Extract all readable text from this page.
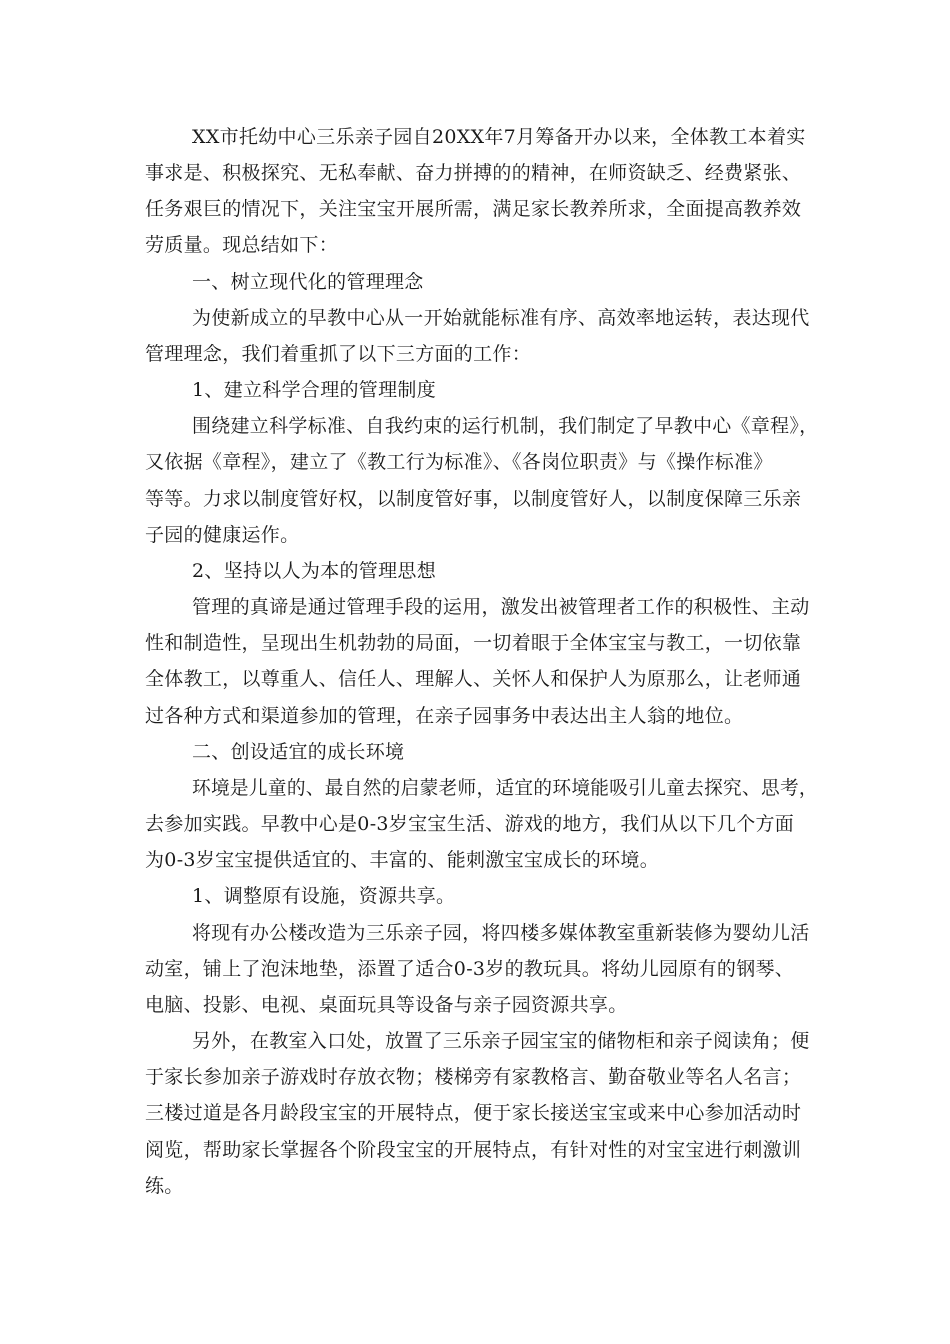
XX市托幼中心三乐亲子园自20XX年7月筹备开办以来，全体教工本着实
事求是、积极探究、无私奉献、奋力拼搏的的精神，在师资缺乏、经费紧张、
任务艰巨的情况下，关注宝宝开展所需，满足家长教养所求，全面提高教养效
劳质量。现总结如下：
一、树立现代化的管理理念
为使新成立的早教中心从一开始就能标准有序、高效率地运转，表达现代
管理理念，我们着重抓了以下三方面的工作：
1、建立科学合理的管理制度
围绕建立科学标准、自我约束的运行机制，我们制定了早教中心《章程》，
又依据《章程》，建立了《教工行为标准》、《各岗位职责》与《操作标准》
等等。力求以制度管好权，以制度管好事，以制度管好人，以制度保障三乐亲
子园的健康运作。
2、坚持以人为本的管理思想
管理的真谛是通过管理手段的运用，激发出被管理者工作的积极性、主动
性和制造性，呈现出生机勃勃的局面，一切着眼于全体宝宝与教工，一切依靠
全体教工，以尊重人、信任人、理解人、关怀人和保护人为原那么，让老师通
过各种方式和渠道参加的管理，在亲子园事务中表达出主人翁的地位。
二、创设适宜的成长环境
环境是儿童的、最自然的启蒙老师，适宜的环境能吸引儿童去探究、思考，
去参加实践。早教中心是0-3岁宝宝生活、游戏的地方，我们从以下几个方面
为0-3岁宝宝提供适宜的、丰富的、能刺激宝宝成长的环境。
1、调整原有设施，资源共享。
将现有办公楼改造为三乐亲子园，将四楼多媒体教室重新装修为婴幼儿活
动室，铺上了泡沫地垫，添置了适合0-3岁的教玩具。将幼儿园原有的钢琴、
电脑、投影、电视、桌面玩具等设备与亲子园资源共享。
另外，在教室入口处，放置了三乐亲子园宝宝的储物柜和亲子阅读角；便
于家长参加亲子游戏时存放衣物；楼梯旁有家教格言、勤奋敬业等名人名言；
三楼过道是各月龄段宝宝的开展特点，便于家长接送宝宝或来中心参加活动时
阅览，帮助家长掌握各个阶段宝宝的开展特点，有针对性的对宝宝进行刺激训
练。
